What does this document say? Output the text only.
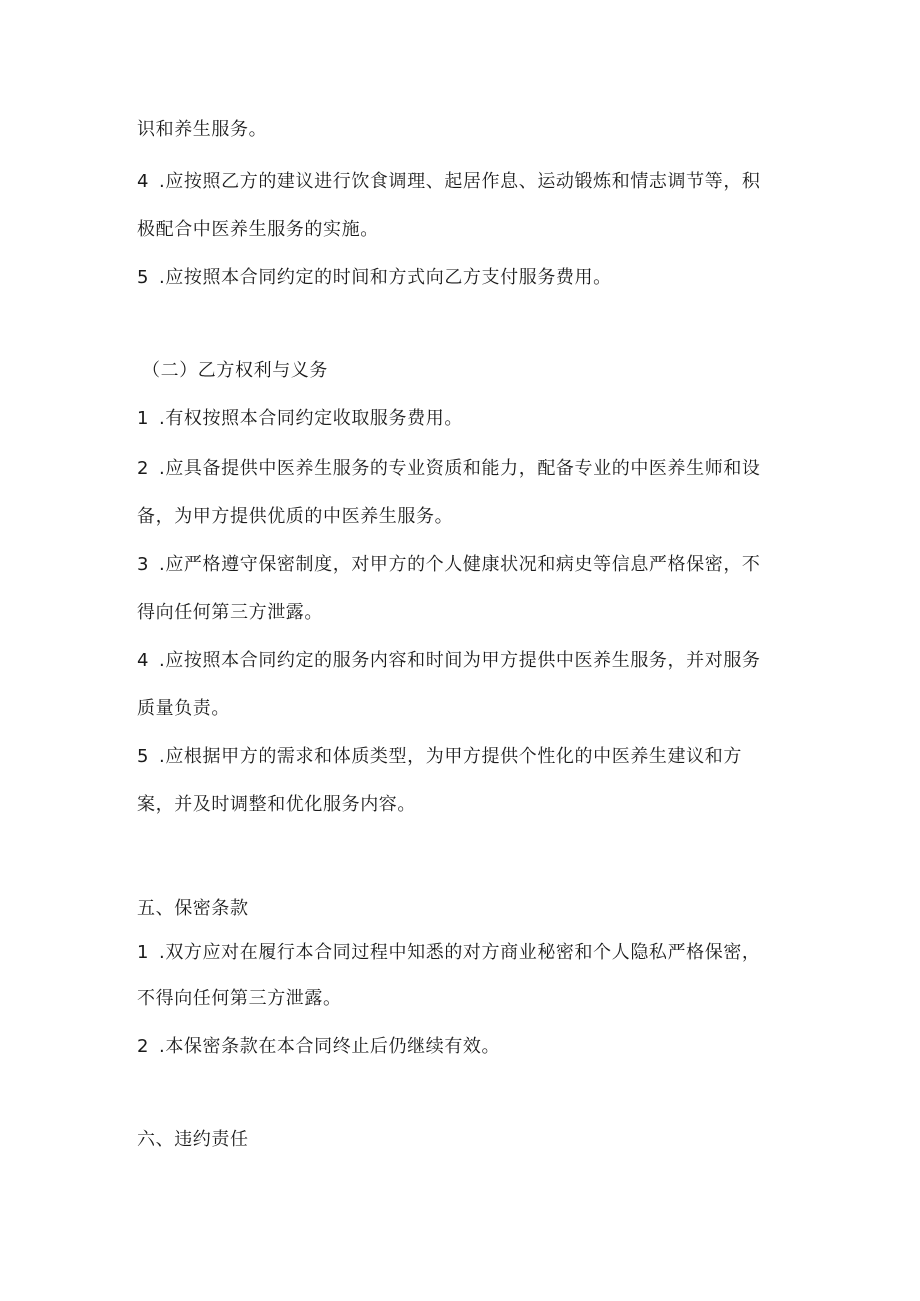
识和养生服务。
4 .应按照乙方的建议进行饮食调理、起居作息、运动锻炼和情志调节等，积
极配合中医养生服务的实施。
5 .应按照本合同约定的时间和方式向乙方支付服务费用。
（二）乙方权利与义务
1 .有权按照本合同约定收取服务费用。
2 .应具备提供中医养生服务的专业资质和能力，配备专业的中医养生师和设
备，为甲方提供优质的中医养生服务。
3 .应严格遵守保密制度，对甲方的个人健康状况和病史等信息严格保密，不
得向任何第三方泄露。
4 .应按照本合同约定的服务内容和时间为甲方提供中医养生服务，并对服务
质量负责。
5 .应根据甲方的需求和体质类型，为甲方提供个性化的中医养生建议和方
案，并及时调整和优化服务内容。
五、保密条款
1 .双方应对在履行本合同过程中知悉的对方商业秘密和个人隐私严格保密，
不得向任何第三方泄露。
2 .本保密条款在本合同终止后仍继续有效。
六、违约责任
